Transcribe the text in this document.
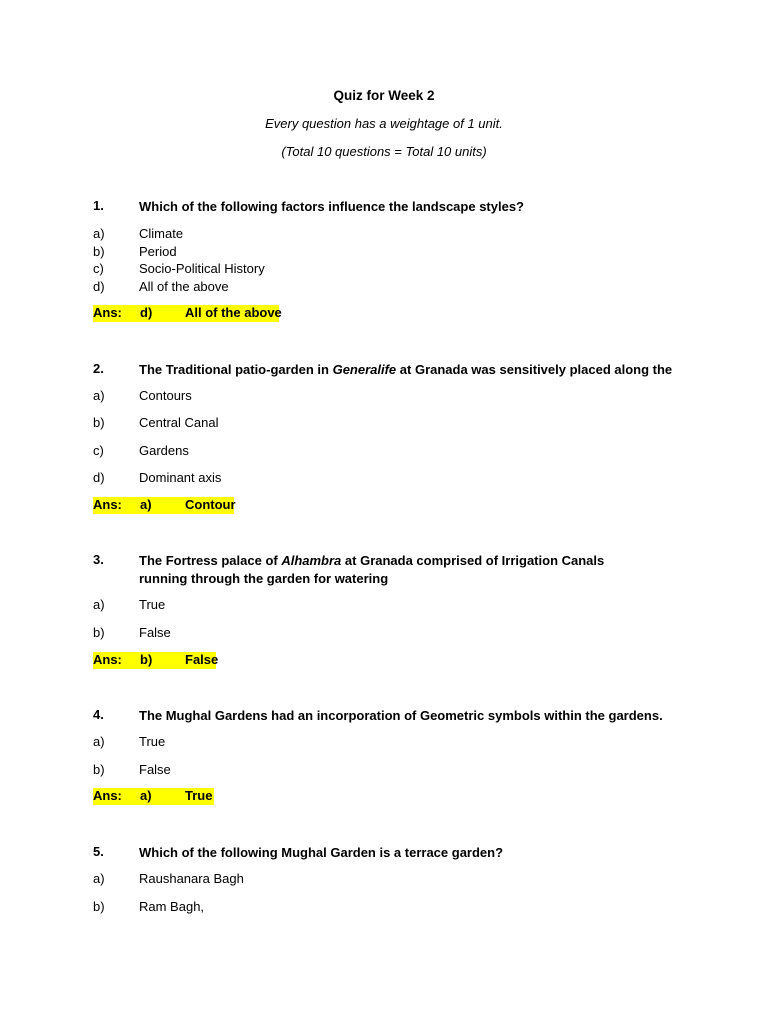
Quiz for Week 2
Every question has a weightage of 1 unit.
(Total 10 questions = Total 10 units)
1.	Which of the following factors influence the landscape styles?
a)	Climate
b)	Period
c)	Socio-Political History
d)	All of the above
Ans: d)	All of the above
2.	The Traditional patio-garden in Generalife at Granada was sensitively placed along the
a)	Contours
b)	Central Canal
c)	Gardens
d)	Dominant axis
Ans: a)	Contour
3.	The Fortress palace of Alhambra at Granada comprised of Irrigation Canals running through the garden for watering
a)	True
b)	False
Ans: b)	False
4.	The Mughal Gardens had an incorporation of Geometric symbols within the gardens.
a)	True
b)	False
Ans: a)	True
5.	Which of the following Mughal Garden is a terrace garden?
a)	Raushanara Bagh
b)	Ram Bagh,
